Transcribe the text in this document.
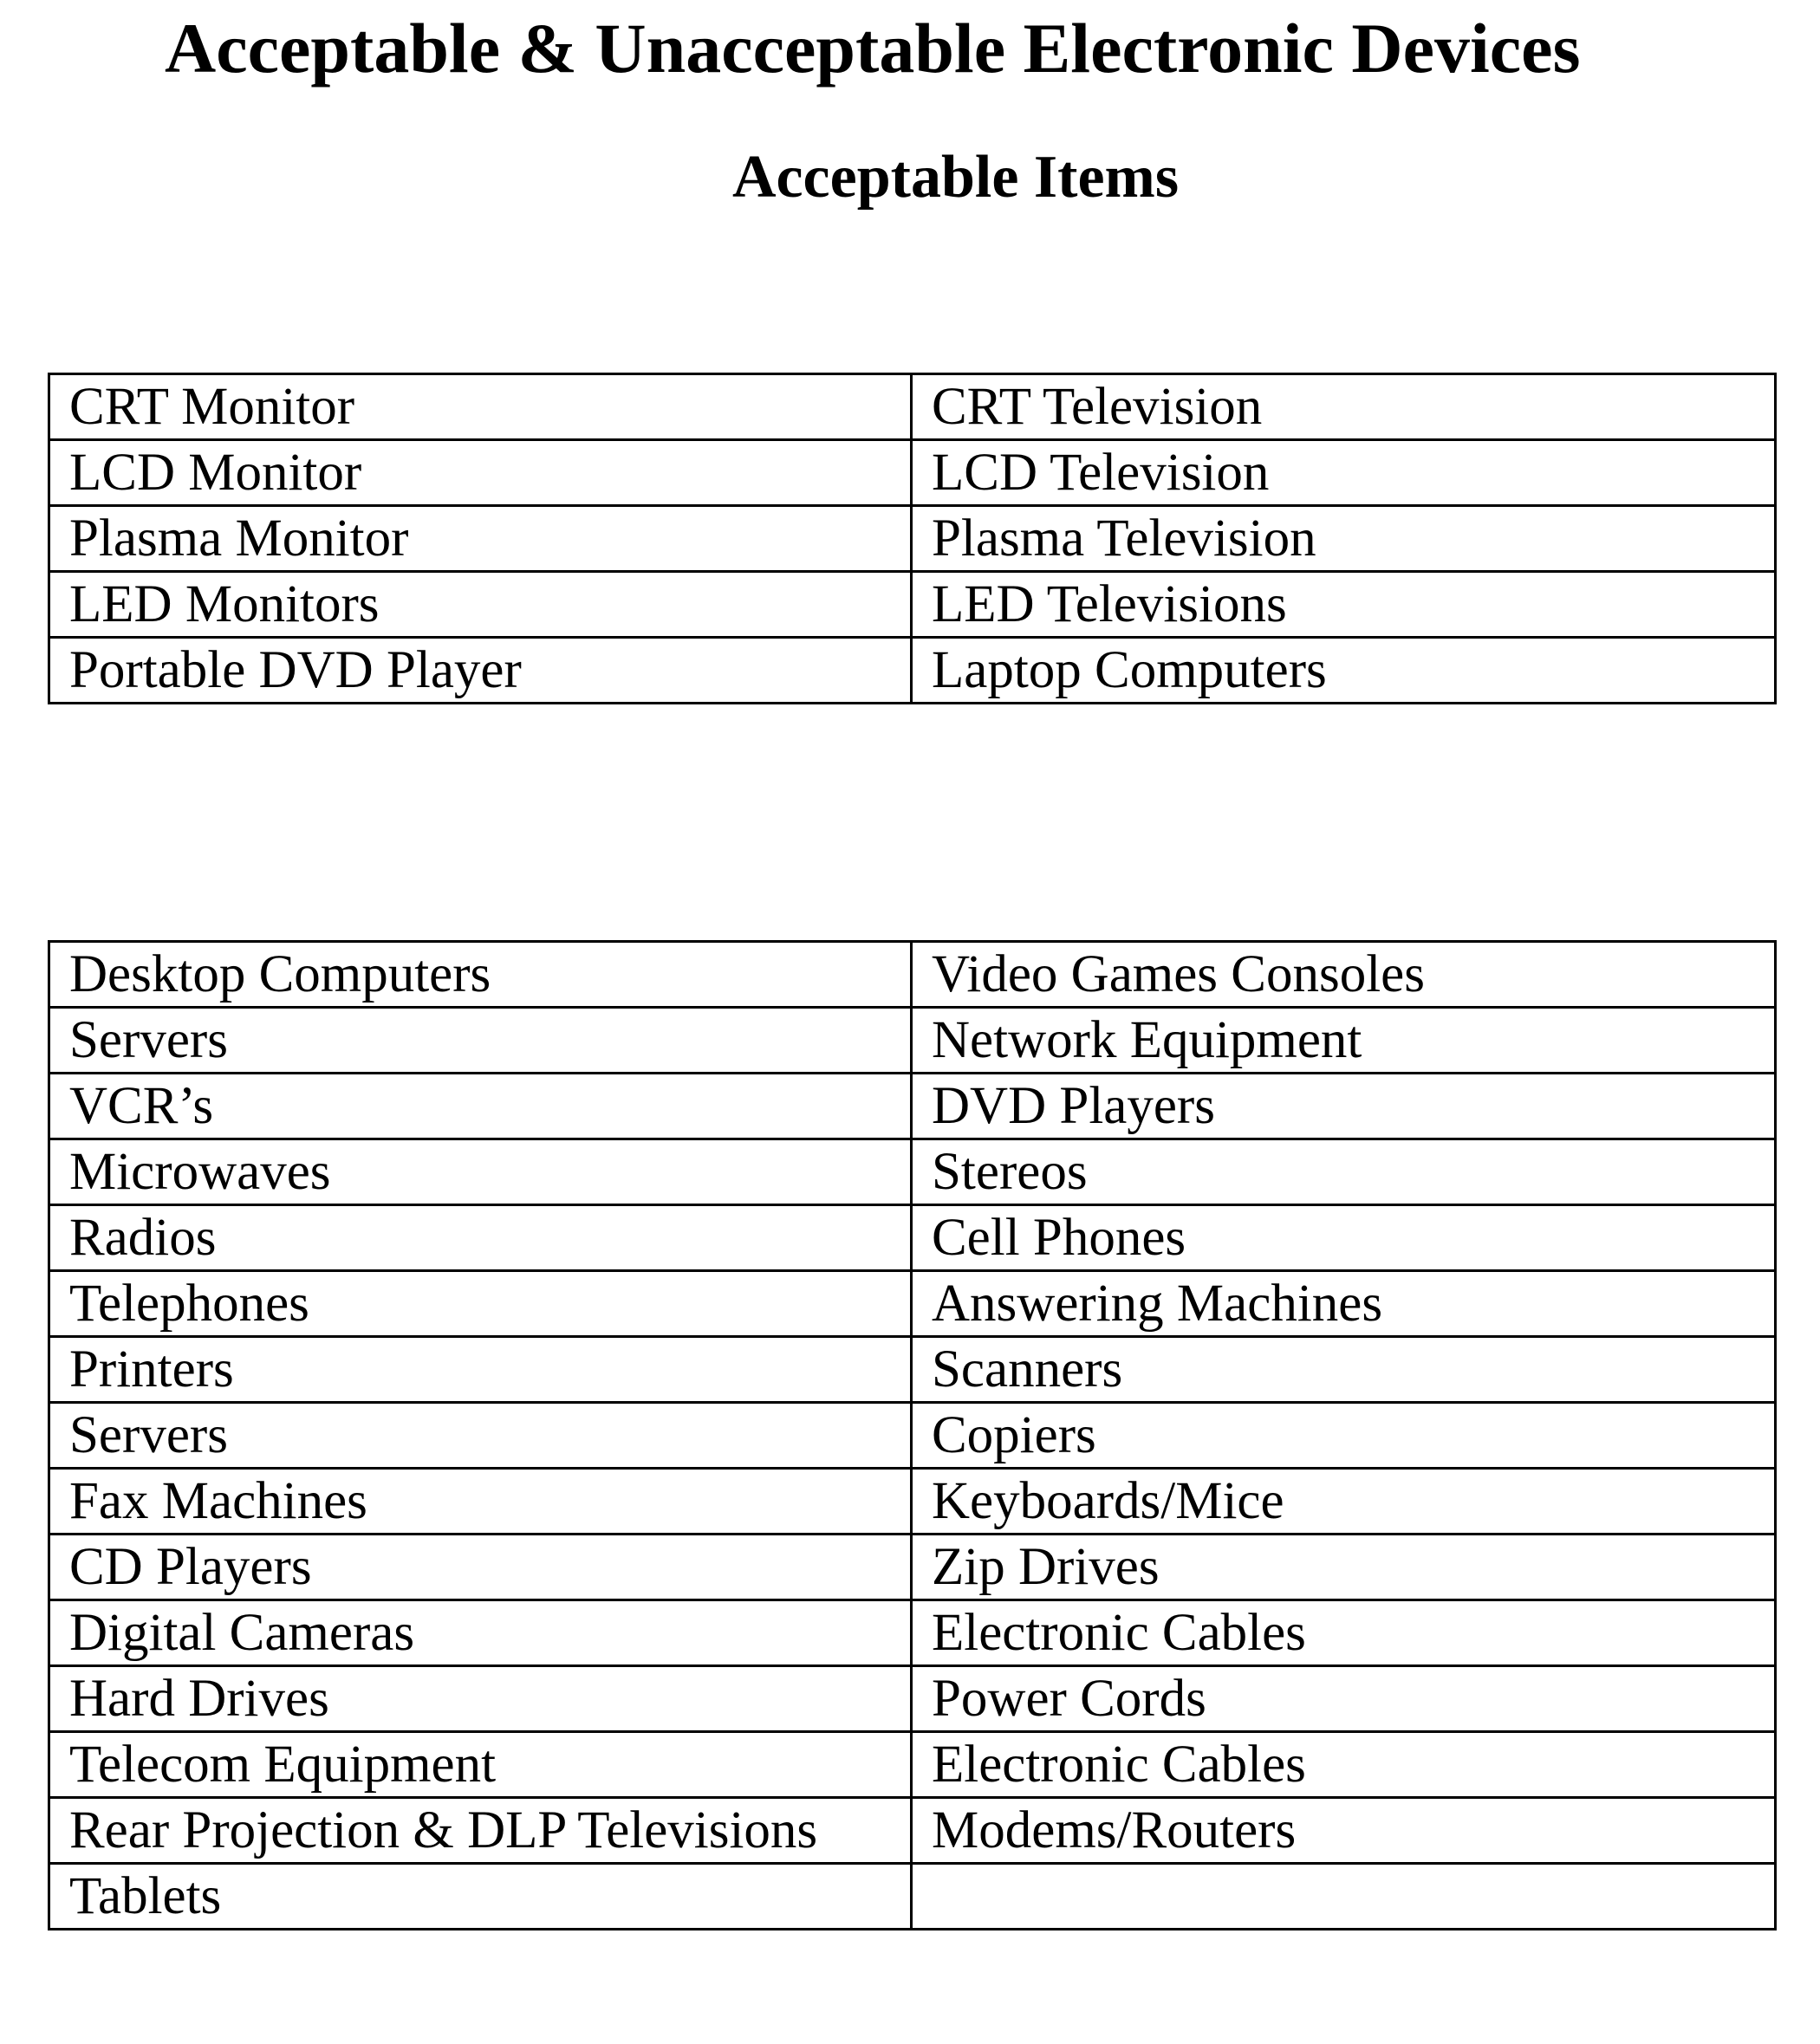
Acceptable & Unacceptable Electronic Devices
Acceptable Items
CRT Monitor	CRT Television
LCD Monitor	LCD Television
Plasma Monitor	Plasma Television
LED Monitors	LED Televisions
Portable DVD Player	Laptop Computers
Desktop Computers	Video Games Consoles
Servers	Network Equipment
VCR’s	DVD Players
Microwaves	Stereos
Radios	Cell Phones
Telephones	Answering Machines
Printers	Scanners
Servers	Copiers
Fax Machines	Keyboards/Mice
CD Players	Zip Drives
Digital Cameras	Electronic Cables
Hard Drives	Power Cords
Telecom Equipment	Electronic Cables
Rear Projection & DLP Televisions	Modems/Routers
Tablets	
